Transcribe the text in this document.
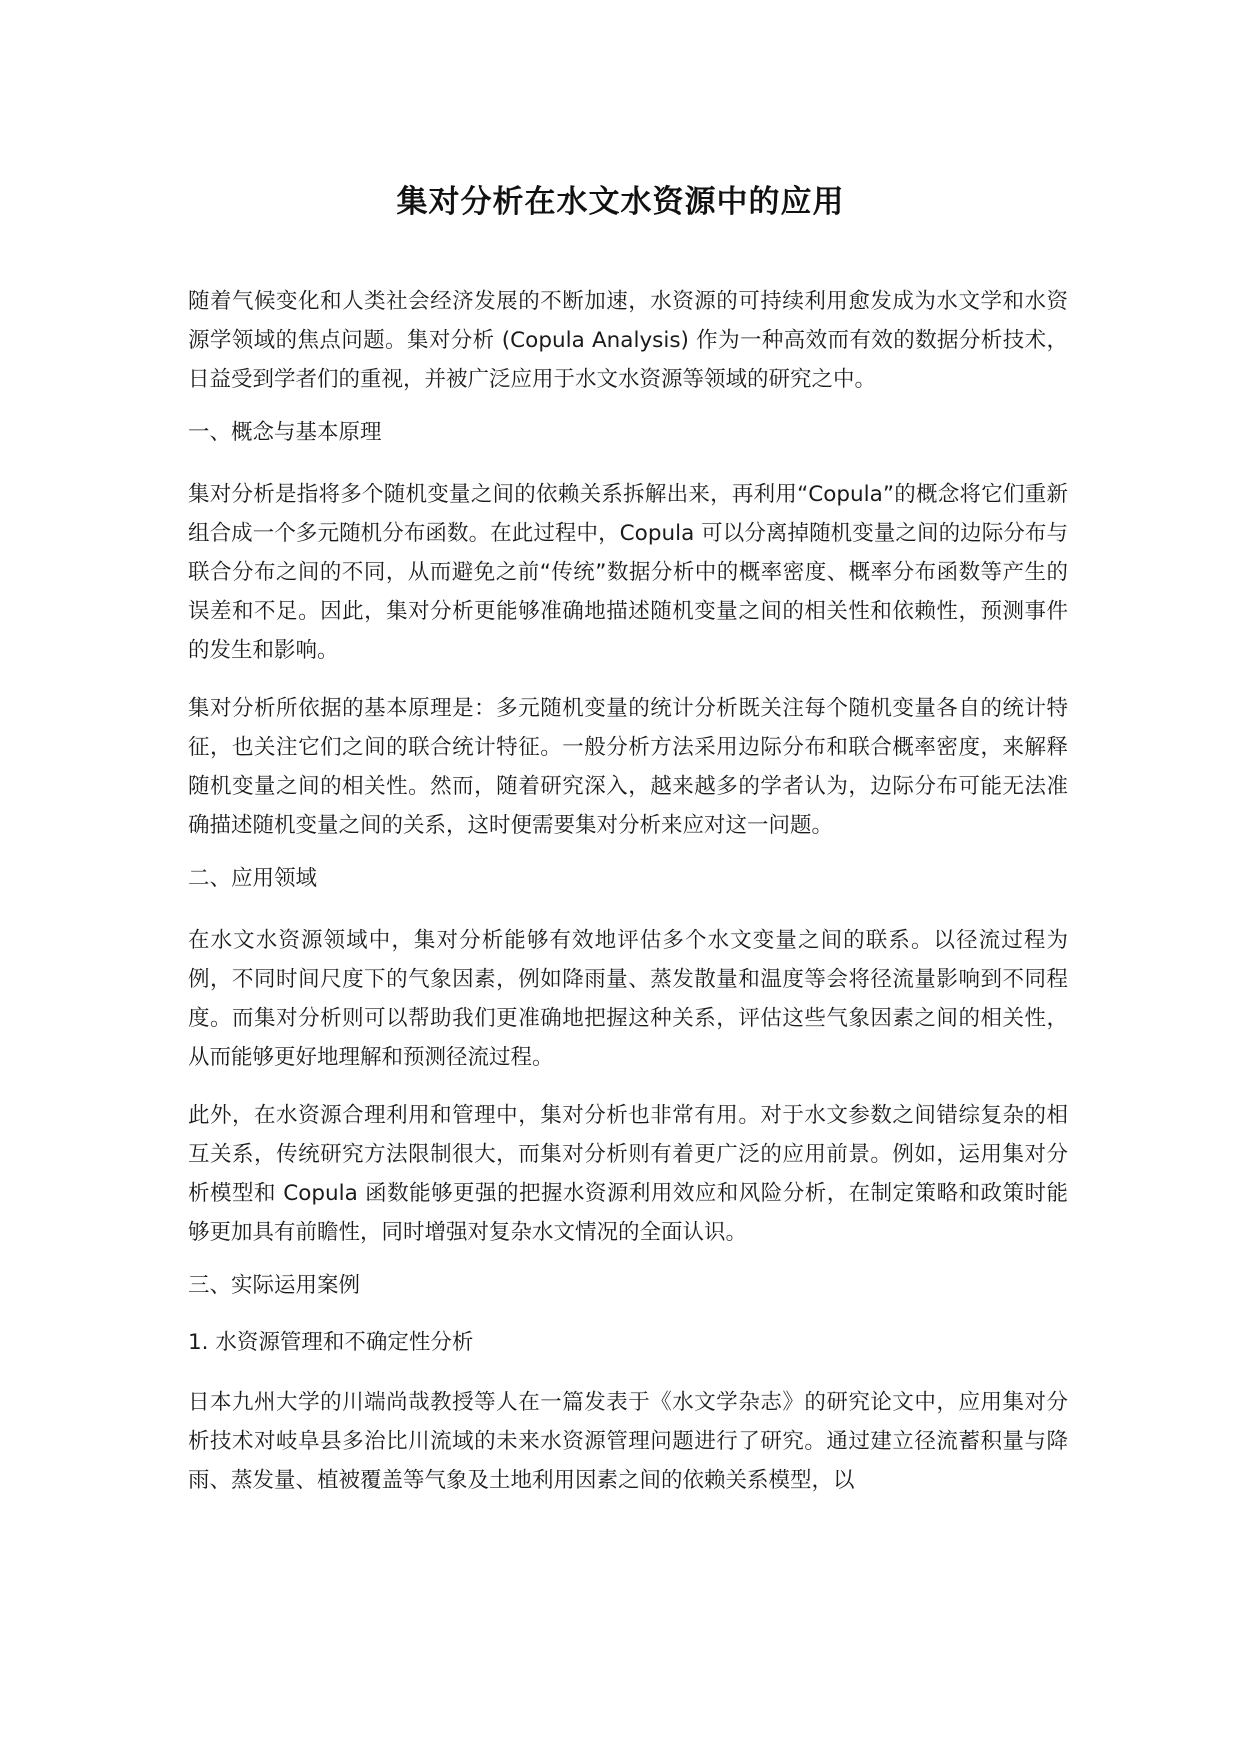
集对分析在水文水资源中的应用

随着气候变化和人类社会经济发展的不断加速，水资源的可持续利用愈发成为水文学和水资源学领域的焦点问题。集对分析 (Copula Analysis) 作为一种高效而有效的数据分析技术，日益受到学者们的重视，并被广泛应用于水文水资源等领域的研究之中。

一、概念与基本原理

集对分析是指将多个随机变量之间的依赖关系拆解出来，再利用“Copula”的概念将它们重新组合成一个多元随机分布函数。在此过程中，Copula 可以分离掉随机变量之间的边际分布与联合分布之间的不同，从而避免之前“传统”数据分析中的概率密度、概率分布函数等产生的误差和不足。因此，集对分析更能够准确地描述随机变量之间的相关性和依赖性，预测事件的发生和影响。

集对分析所依据的基本原理是：多元随机变量的统计分析既关注每个随机变量各自的统计特征，也关注它们之间的联合统计特征。一般分析方法采用边际分布和联合概率密度，来解释随机变量之间的相关性。然而，随着研究深入，越来越多的学者认为，边际分布可能无法准确描述随机变量之间的关系，这时便需要集对分析来应对这一问题。

二、应用领域

在水文水资源领域中，集对分析能够有效地评估多个水文变量之间的联系。以径流过程为例，不同时间尺度下的气象因素，例如降雨量、蒸发散量和温度等会将径流量影响到不同程度。而集对分析则可以帮助我们更准确地把握这种关系，评估这些气象因素之间的相关性，从而能够更好地理解和预测径流过程。

此外，在水资源合理利用和管理中，集对分析也非常有用。对于水文参数之间错综复杂的相互关系，传统研究方法限制很大，而集对分析则有着更广泛的应用前景。例如，运用集对分析模型和 Copula 函数能够更强的把握水资源利用效应和风险分析，在制定策略和政策时能够更加具有前瞻性，同时增强对复杂水文情况的全面认识。

三、实际运用案例

1. 水资源管理和不确定性分析

日本九州大学的川端尚哉教授等人在一篇发表于《水文学杂志》的研究论文中，应用集对分析技术对岐阜县多治比川流域的未来水资源管理问题进行了研究。通过建立径流蓄积量与降雨、蒸发量、植被覆盖等气象及土地利用因素之间的依赖关系模型，以
